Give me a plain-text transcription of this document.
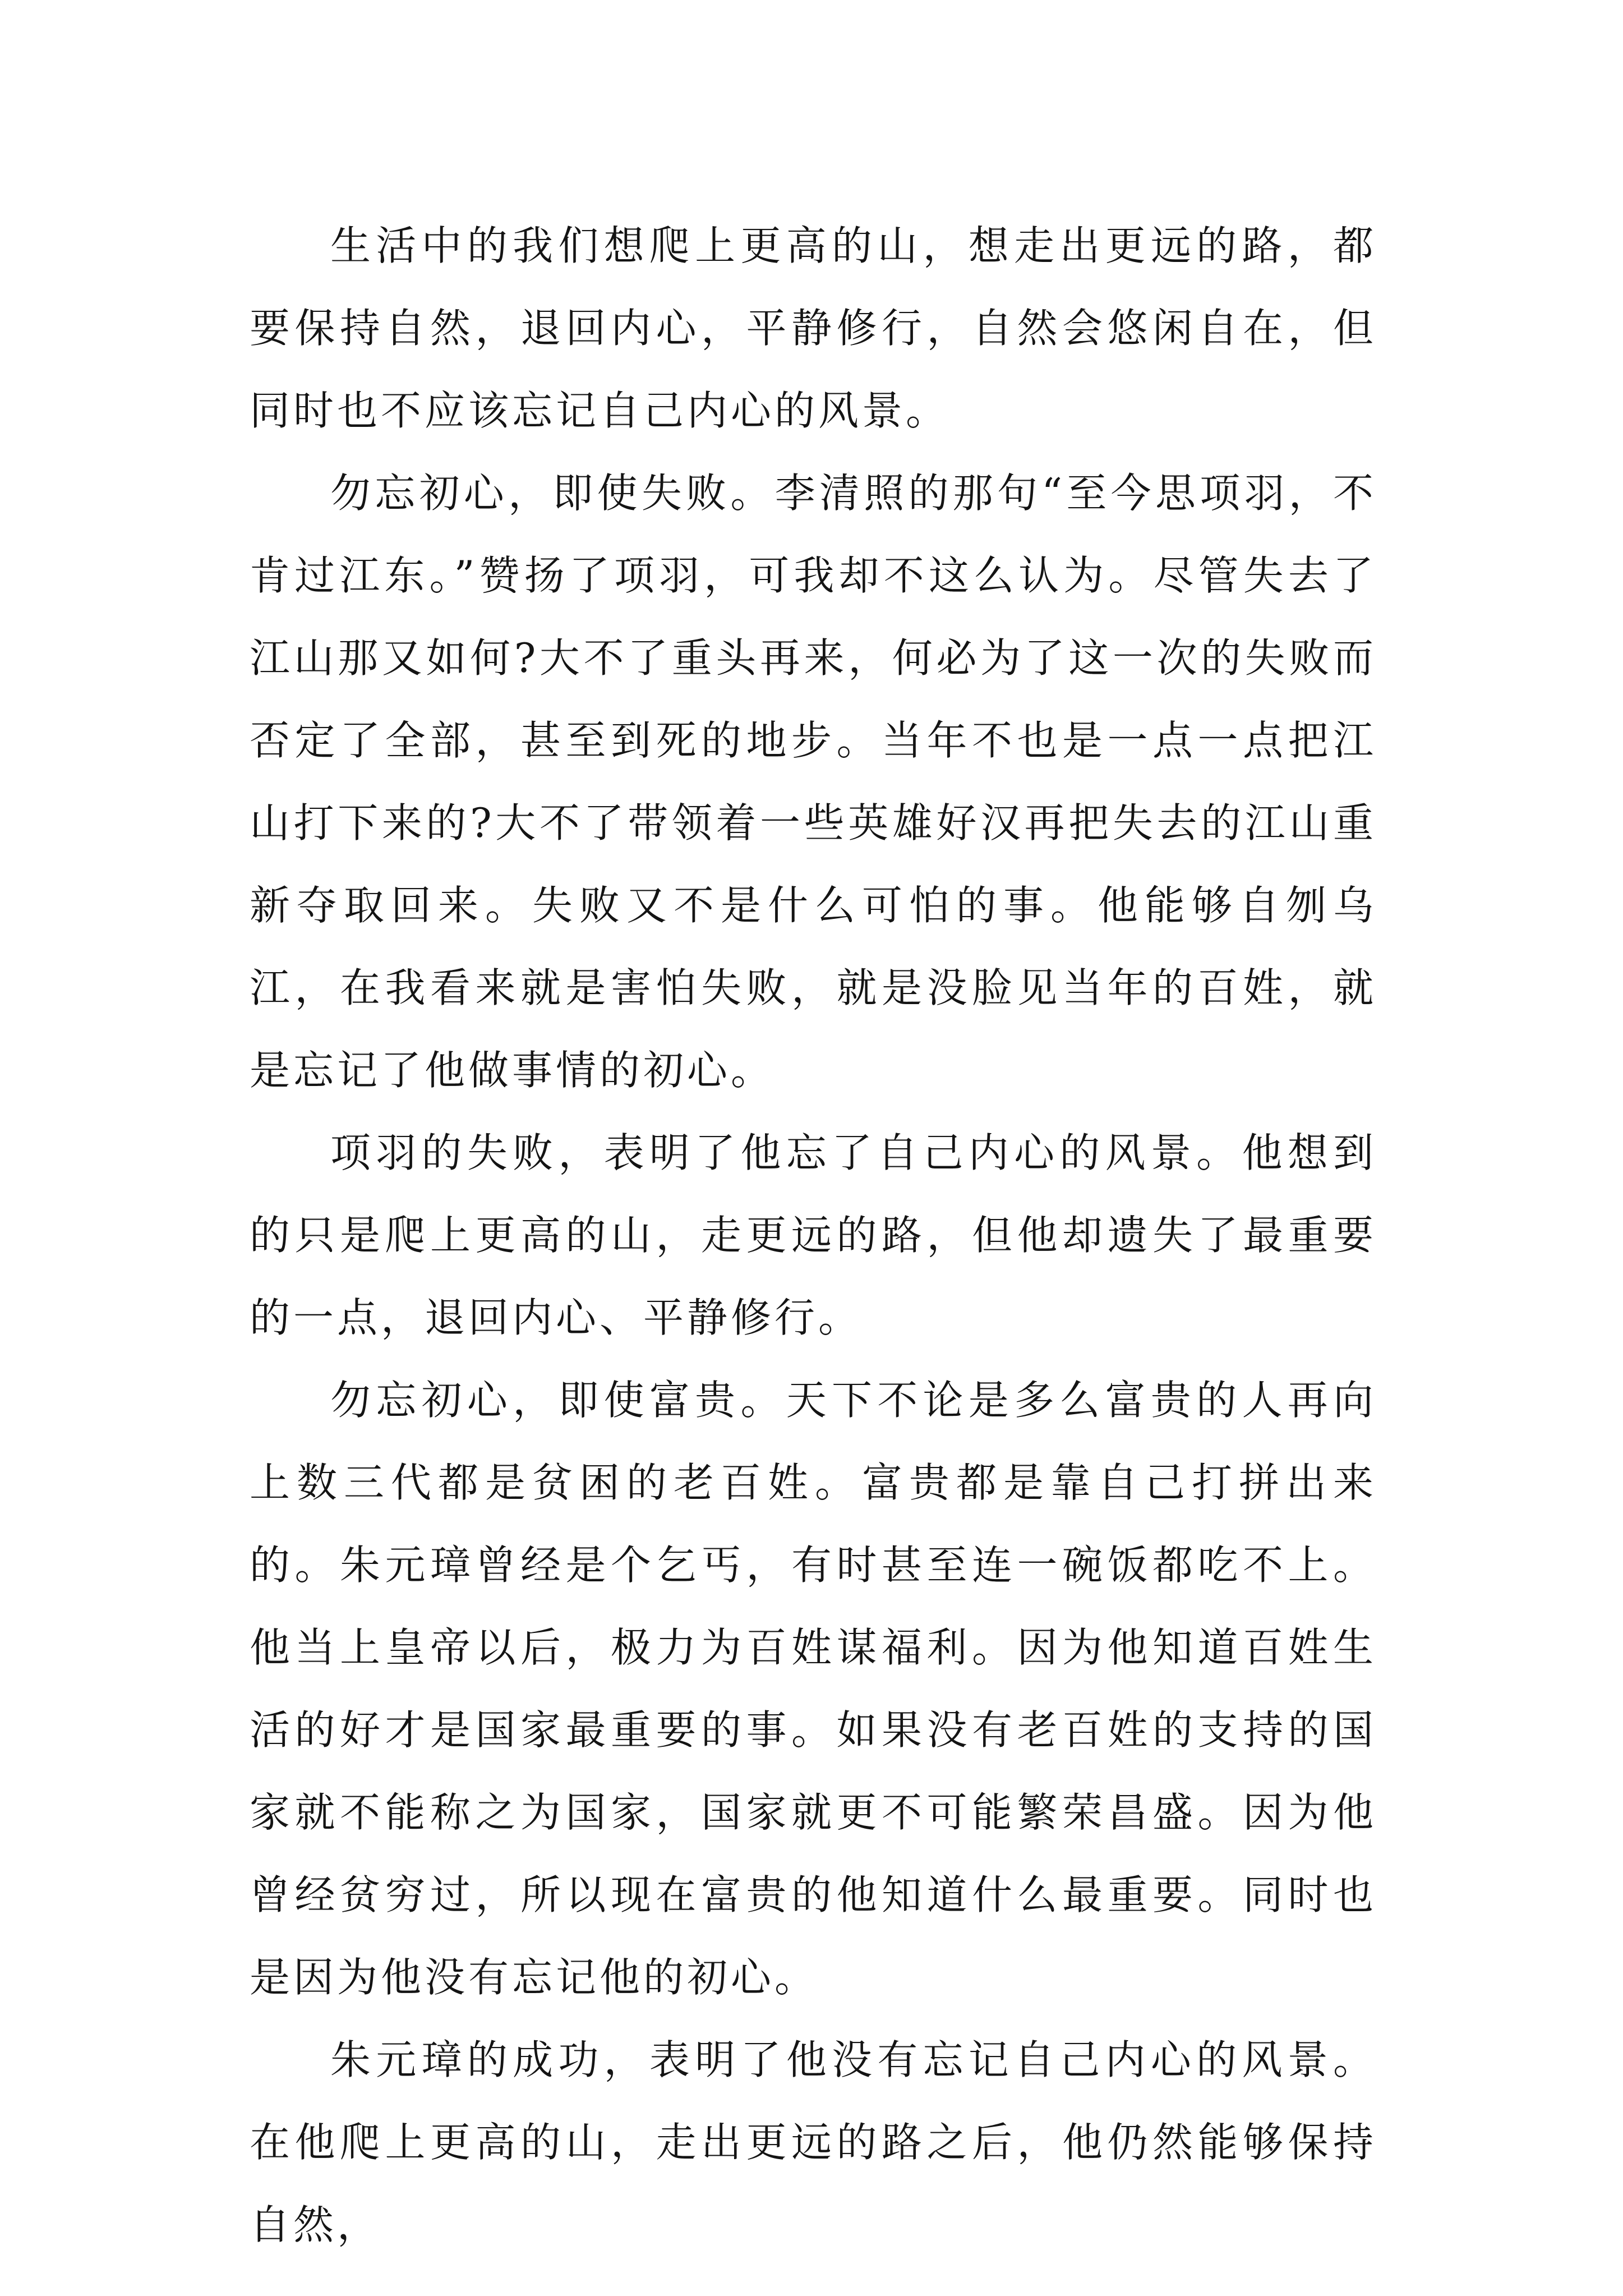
生活中的我们想爬上更高的山，想走出更远的路，都要保持自然，退回内心，平静修行，自然会悠闲自在，但同时也不应该忘记自己内心的风景。

勿忘初心，即使失败。李清照的那句“至今思项羽，不肯过江东。”赞扬了项羽，可我却不这么认为。尽管失去了江山那又如何?大不了重头再来，何必为了这一次的失败而否定了全部，甚至到死的地步。当年不也是一点一点把江山打下来的?大不了带领着一些英雄好汉再把失去的江山重新夺取回来。失败又不是什么可怕的事。他能够自刎乌江，在我看来就是害怕失败，就是没脸见当年的百姓，就是忘记了他做事情的初心。

项羽的失败，表明了他忘了自己内心的风景。他想到的只是爬上更高的山，走更远的路，但他却遗失了最重要的一点，退回内心、平静修行。

勿忘初心，即使富贵。天下不论是多么富贵的人再向上数三代都是贫困的老百姓。富贵都是靠自己打拼出来的。朱元璋曾经是个乞丐，有时甚至连一碗饭都吃不上。他当上皇帝以后，极力为百姓谋福利。因为他知道百姓生活的好才是国家最重要的事。如果没有老百姓的支持的国家就不能称之为国家，国家就更不可能繁荣昌盛。因为他曾经贫穷过，所以现在富贵的他知道什么最重要。同时也是因为他没有忘记他的初心。

朱元璋的成功，表明了他没有忘记自己内心的风景。在他爬上更高的山，走出更远的路之后，他仍然能够保持自然，
